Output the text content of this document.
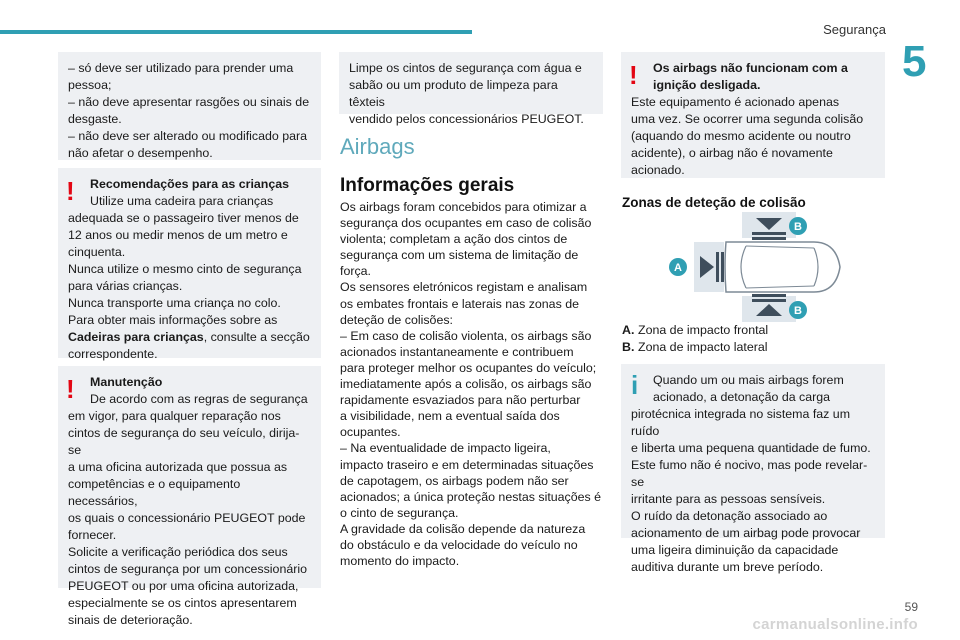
Segurança
5

– só deve ser utilizado para prender uma

pessoa;

– não deve apresentar rasgões ou sinais de

desgaste.

– não deve ser alterado ou modificado para

não afetar o desempenho.

!	Recomendações para as crianças

Utilize uma cadeira para crianças

adequada se o passageiro tiver menos de

12 anos ou medir menos de um metro e

cinquenta.

Nunca utilize o mesmo cinto de segurança

para várias crianças.

Nunca transporte uma criança no colo.

Para obter mais informações sobre as

Cadeiras para crianças, consulte a secção

correspondente.

!	Manutenção

De acordo com as regras de segurança

em vigor, para qualquer reparação nos

cintos de segurança do seu veículo, dirija-se

a uma oficina autorizada que possua as

competências e o equipamento necessários,

os quais o concessionário PEUGEOT pode

fornecer.

Solicite a verificação periódica dos seus

cintos de segurança por um concessionário

PEUGEOT ou por uma oficina autorizada,

especialmente se os cintos apresentarem

sinais de deterioração.

Limpe os cintos de segurança com água e

sabão ou um produto de limpeza para têxteis

vendido pelos concessionários PEUGEOT.

Airbags
Informações gerais

Os airbags foram concebidos para otimizar a

segurança dos ocupantes em caso de colisão

violenta; completam a ação dos cintos de

segurança com um sistema de limitação de

força.

Os sensores eletrónicos registam e analisam

os embates frontais e laterais nas zonas de

deteção de colisões:

– Em caso de colisão violenta, os airbags são

acionados instantaneamente e contribuem

para proteger melhor os ocupantes do veículo;

imediatamente após a colisão, os airbags são

rapidamente esvaziados para não perturbar

a visibilidade, nem a eventual saída dos

ocupantes.

– Na eventualidade de impacto ligeira,

impacto traseiro e em determinadas situações

de capotagem, os airbags podem não ser

acionados; a única proteção nestas situações é

o cinto de segurança.

A gravidade da colisão depende da natureza

do obstáculo e da velocidade do veículo no

momento do impacto.

!	Os airbags não funcionam com a

ignição desligada.

Este equipamento é acionado apenas

uma vez. Se ocorrer uma segunda colisão

(aquando do mesmo acidente ou noutro

acidente), o airbag não é novamente

acionado.

Zonas de deteção de colisão
A
B
B

A. Zona de impacto frontal

B. Zona de impacto lateral

i	Quando um ou mais airbags forem

acionado, a detonação da carga

pirotécnica integrada no sistema faz um ruído

e liberta uma pequena quantidade de fumo.

Este fumo não é nocivo, mas pode revelar-se

irritante para as pessoas sensíveis.

O ruído da detonação associado ao

acionamento de um airbag pode provocar

uma ligeira diminuição da capacidade

auditiva durante um breve período.

59
carmanualsonline.info
